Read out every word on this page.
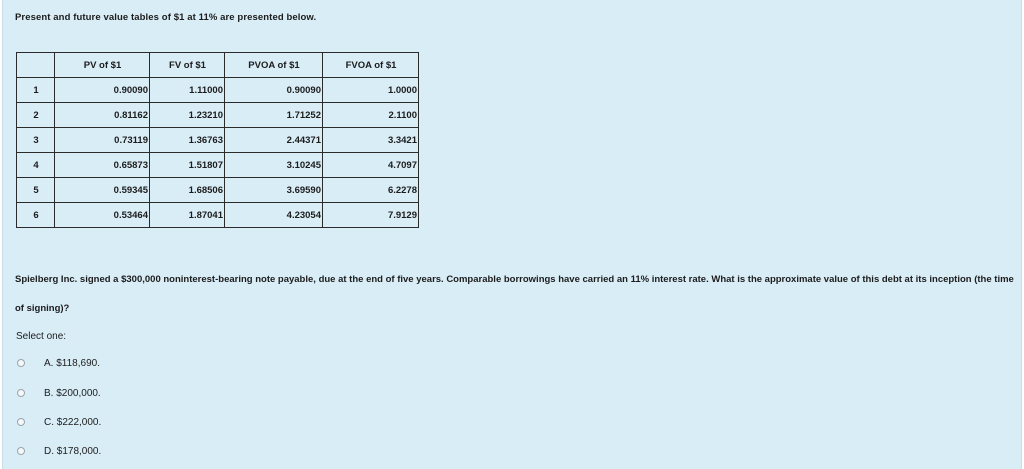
Present and future value tables of $1 at 11% are presented below.
	PV of $1	FV of $1	PVOA of $1	FVOA of $1
1	0.90090	1.11000	0.90090	1.0000
2	0.81162	1.23210	1.71252	2.1100
3	0.73119	1.36763	2.44371	3.3421
4	0.65873	1.51807	3.10245	4.7097
5	0.59345	1.68506	3.69590	6.2278
6	0.53464	1.87041	4.23054	7.9129
Spielberg Inc. signed a $300,000 noninterest-bearing note payable, due at the end of five years. Comparable borrowings have carried an 11% interest rate. What is the approximate value of this debt at its inception (the time of signing)?
Select one:
A. $118,690.
B. $200,000.
C. $222,000.
D. $178,000.
